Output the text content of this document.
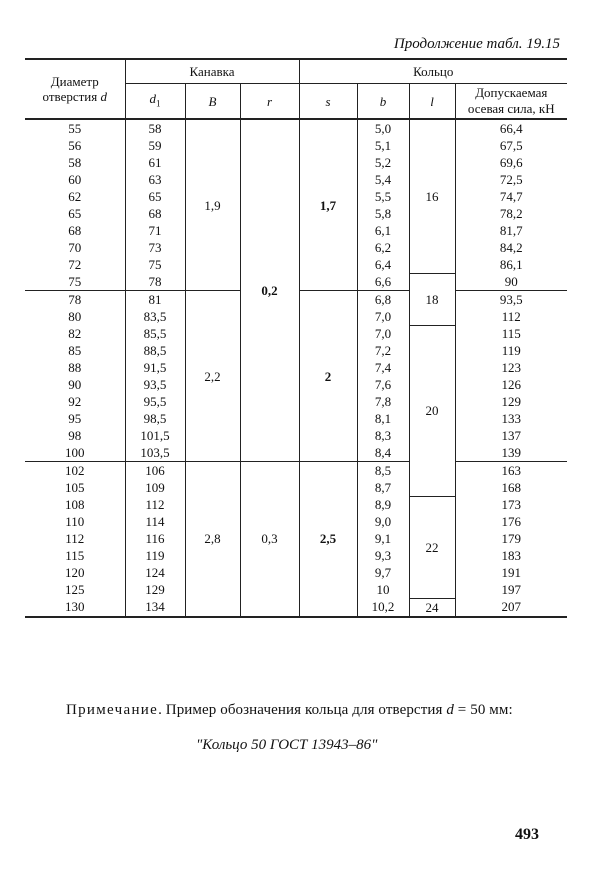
Продолжение табл. 19.15
Диаметр отверстия d	Канавка			Кольцо			
	$d_1$	B	r	s	b	l	Допускаемая осевая сила, кН
55	58	1,9	0,2	1,7	5,0	16	66,4
56	59				5,1		67,5
58	61				5,2		69,6
60	63				5,4		72,5
62	65				5,5		74,7
65	68				5,8		78,2
68	71				6,1		81,7
70	73				6,2		84,2
72	75				6,4		86,1
75	78				6,6	18	90
78	81	2,2		2	6,8		93,5
80	83,5				7,0		112
82	85,5				7,0	20	115
85	88,5				7,2		119
88	91,5				7,4		123
90	93,5				7,6		126
92	95,5				7,8		129
95	98,5				8,1		133
98	101,5				8,3		137
100	103,5				8,4		139
102	106	2,8	0,3	2,5	8,5		163
105	109				8,7		168
108	112				8,9	22	173
110	114				9,0		176
112	116				9,1		179
115	119				9,3		183
120	124				9,7		191
125	129				10		197
130	134				10,2	24	207
Примечание. Пример обозначения кольца для отверстия d = 50 мм:
"Кольцо 50 ГОСТ 13943–86"
493
